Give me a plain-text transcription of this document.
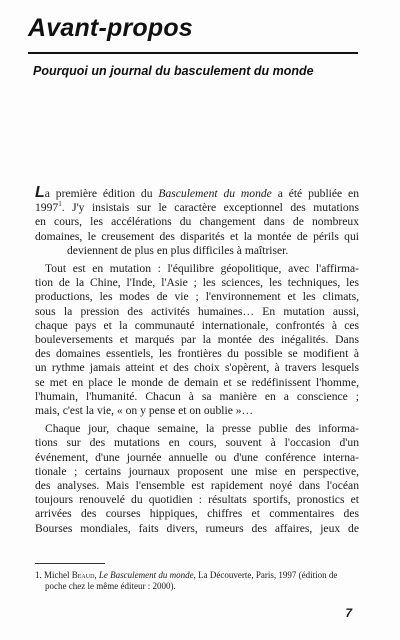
Avant-propos
Pourquoi un journal du basculement du monde
La première édition du Basculement du monde a été publiée en
1997$^1$. J'y insistais sur le caractère exceptionnel des mutations
en cours, les accélérations du changement dans de nombreux
domaines, le creusement des disparités et la montée de périls qui
deviennent de plus en plus difficiles à maîtriser.
Tout est en mutation : l'équilibre géopolitique, avec l'affirma-
tion de la Chine, l'Inde, l'Asie ; les sciences, les techniques, les
productions, les modes de vie ; l'environnement et les climats,
sous la pression des activités humaines… En mutation aussi,
chaque pays et la communauté internationale, confrontés à ces
bouleversements et marqués par la montée des inégalités. Dans
des domaines essentiels, les frontières du possible se modifient à
un rythme jamais atteint et des choix s'opèrent, à travers lesquels
se met en place le monde de demain et se redéfinissent l'homme,
l'humain, l'humanité. Chacun à sa manière en a conscience ;
mais, c'est la vie, « on y pense et on oublie »…
Chaque jour, chaque semaine, la presse publie des informa-
tions sur des mutations en cours, souvent à l'occasion d'un
événement, d'une journée annuelle ou d'une conférence interna-
tionale ; certains journaux proposent une mise en perspective,
des analyses. Mais l'ensemble est rapidement noyé dans l'océan
toujours renouvelé du quotidien : résultats sportifs, pronostics et
arrivées des courses hippiques, chiffres et commentaires des
Bourses mondiales, faits divers, rumeurs des affaires, jeux de
1. Michel Beaud, Le Basculement du monde, La Découverte, Paris, 1997 (édition de
poche chez le même éditeur : 2000).
7
